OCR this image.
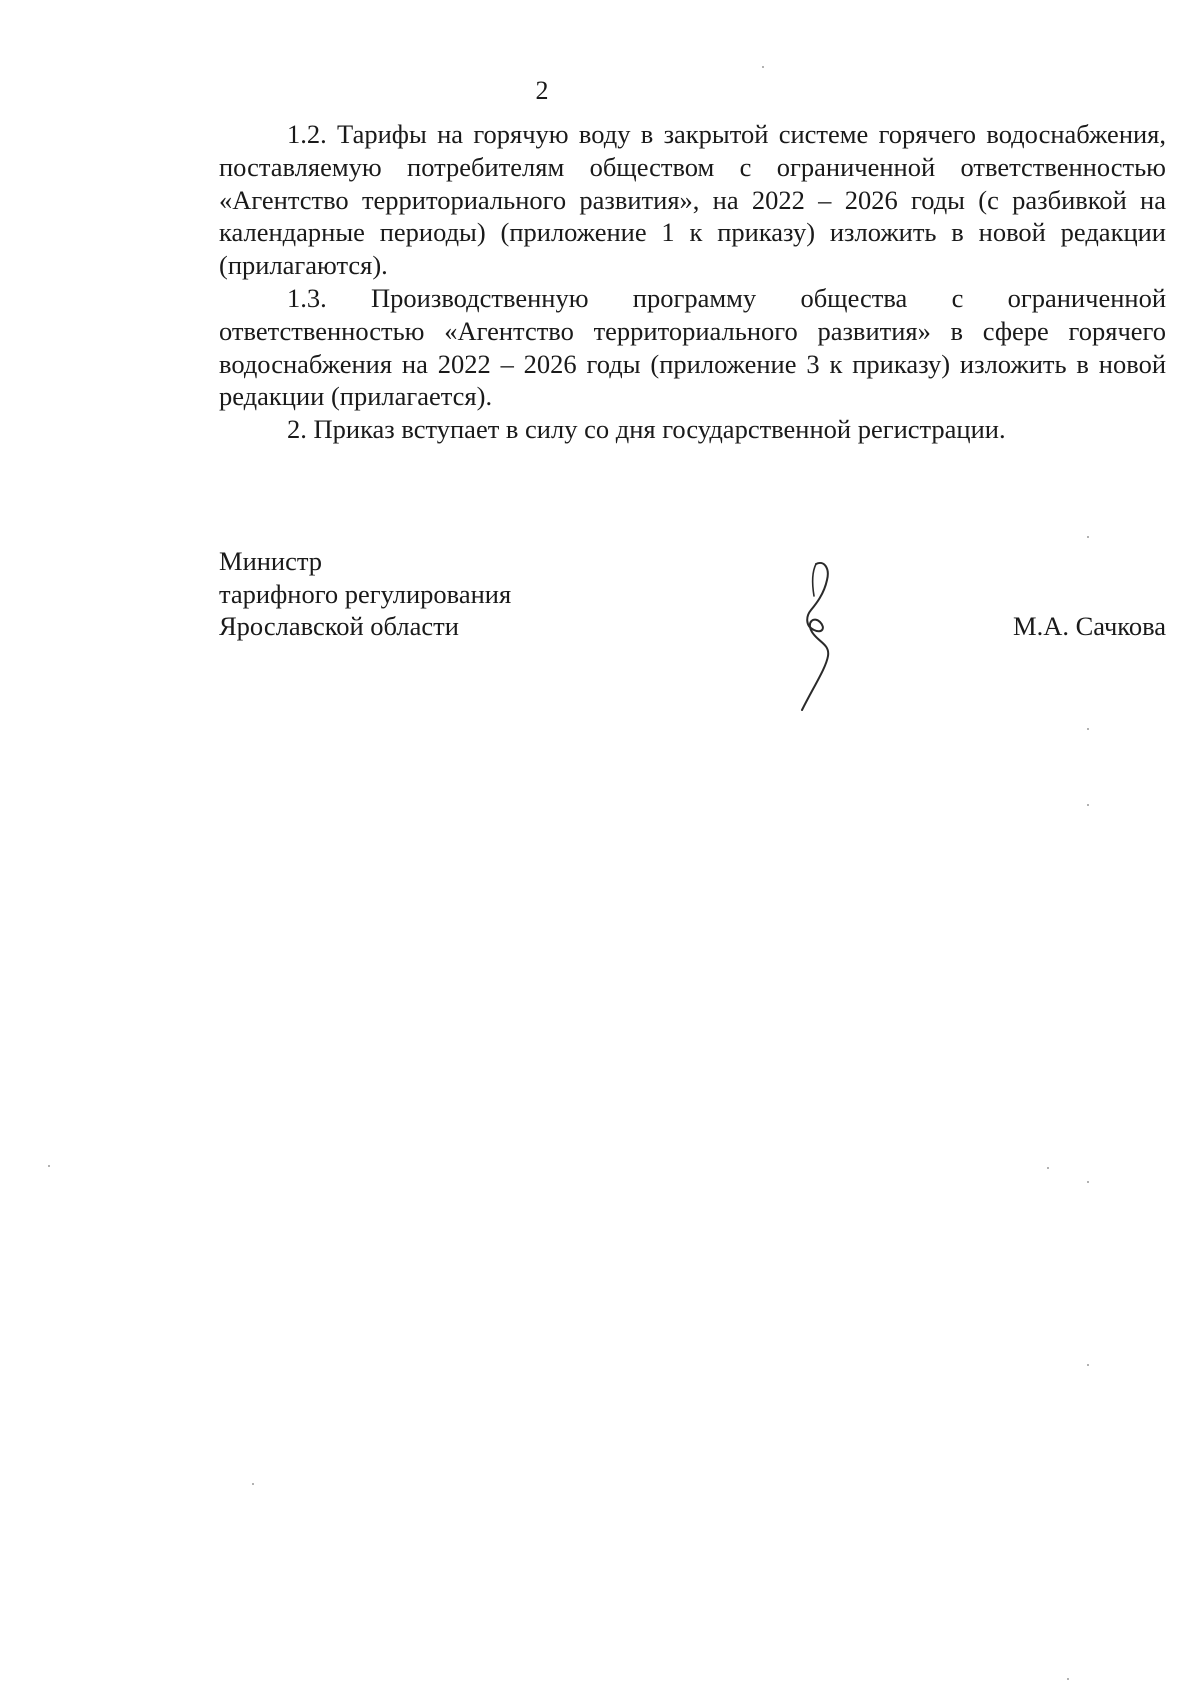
2

1.2. Тарифы на горячую воду в закрытой системе горячего водоснабжения, поставляемую потребителям обществом с ограниченной ответственностью «Агентство территориального развития», на 2022 – 2026 годы (с разбивкой на календарные периоды) (приложение 1 к приказу) изложить в новой редакции (прилагаются).

1.3. Производственную программу общества с ограниченной ответственностью «Агентство территориального развития» в сфере горячего водоснабжения на 2022 – 2026 годы (приложение 3 к приказу) изложить в новой редакции (прилагается).

2. Приказ вступает в силу со дня государственной регистрации.

Министр
тарифного регулирования
Ярославской области	М.А. Сачкова
